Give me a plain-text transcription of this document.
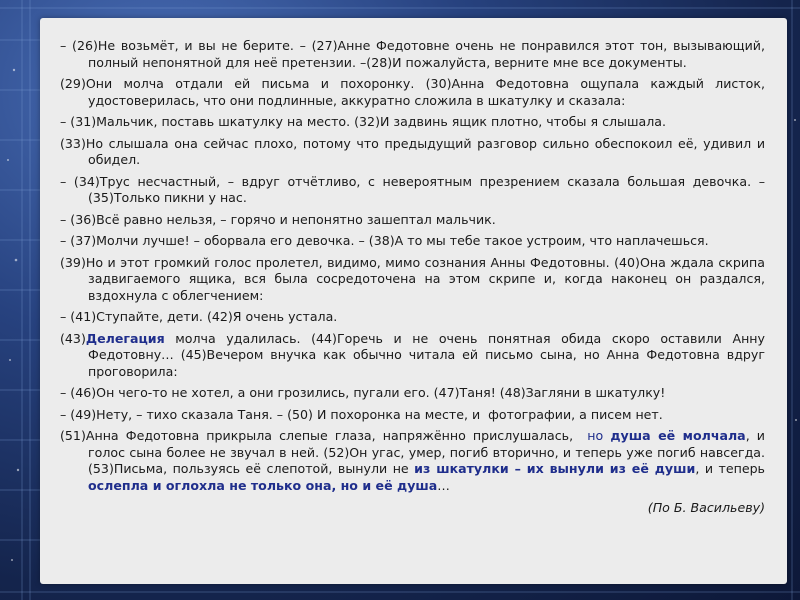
– (26)Не возьмёт, и вы не берите. – (27)Анне Федотовне очень не понравился этот тон, вызывающий, полный непонятной для неё претензии. –(28)И пожалуйста, верните мне все документы.
(29)Они молча отдали ей письма и похоронку. (30)Анна Федотовна ощупала каждый листок, удостоверилась, что они подлинные, аккуратно сложила в шкатулку и сказала:
– (31)Мальчик, поставь шкатулку на место. (32)И задвинь ящик плотно, чтобы я слышала.
(33)Но слышала она сейчас плохо, потому что предыдущий разговор сильно обеспокоил её, удивил и обидел.
– (34)Трус несчастный, – вдруг отчётливо, с невероятным презрением сказала большая девочка. – (35)Только пикни у нас.
– (36)Всё равно нельзя, – горячо и непонятно зашептал мальчик.
– (37)Молчи лучше! – оборвала его девочка. – (38)А то мы тебе такое устроим, что наплачешься.
(39)Но и этот громкий голос пролетел, видимо, мимо сознания Анны Федотовны. (40)Она ждала скрипа задвигаемого ящика, вся была сосредоточена на этом скрипе и, когда наконец он раздался, вздохнула с облегчением:
– (41)Ступайте, дети. (42)Я очень устала.
(43)Делегация молча удалилась. (44)Горечь и не очень понятная обида скоро оставили Анну Федотовну… (45)Вечером внучка как обычно читала ей письмо сына, но Анна Федотовна вдруг проговорила:
– (46)Он чего-то не хотел, а они грозились, пугали его. (47)Таня! (48)Загляни в шкатулку!
– (49)Нету, – тихо сказала Таня. – (50) И похоронка на месте, и  фотографии, а писем нет.
(51)Анна Федотовна прикрыла слепые глаза, напряжённо прислушалась,  но душа её молчала, и голос сына более не звучал в ней. (52)Он угас, умер, погиб вторично, и теперь уже погиб навсегда. (53)Письма, пользуясь её слепотой, вынули не из шкатулки – их вынули из её души, и теперь ослепла и оглохла не только она, но и её душа…
(По Б. Васильеву)
